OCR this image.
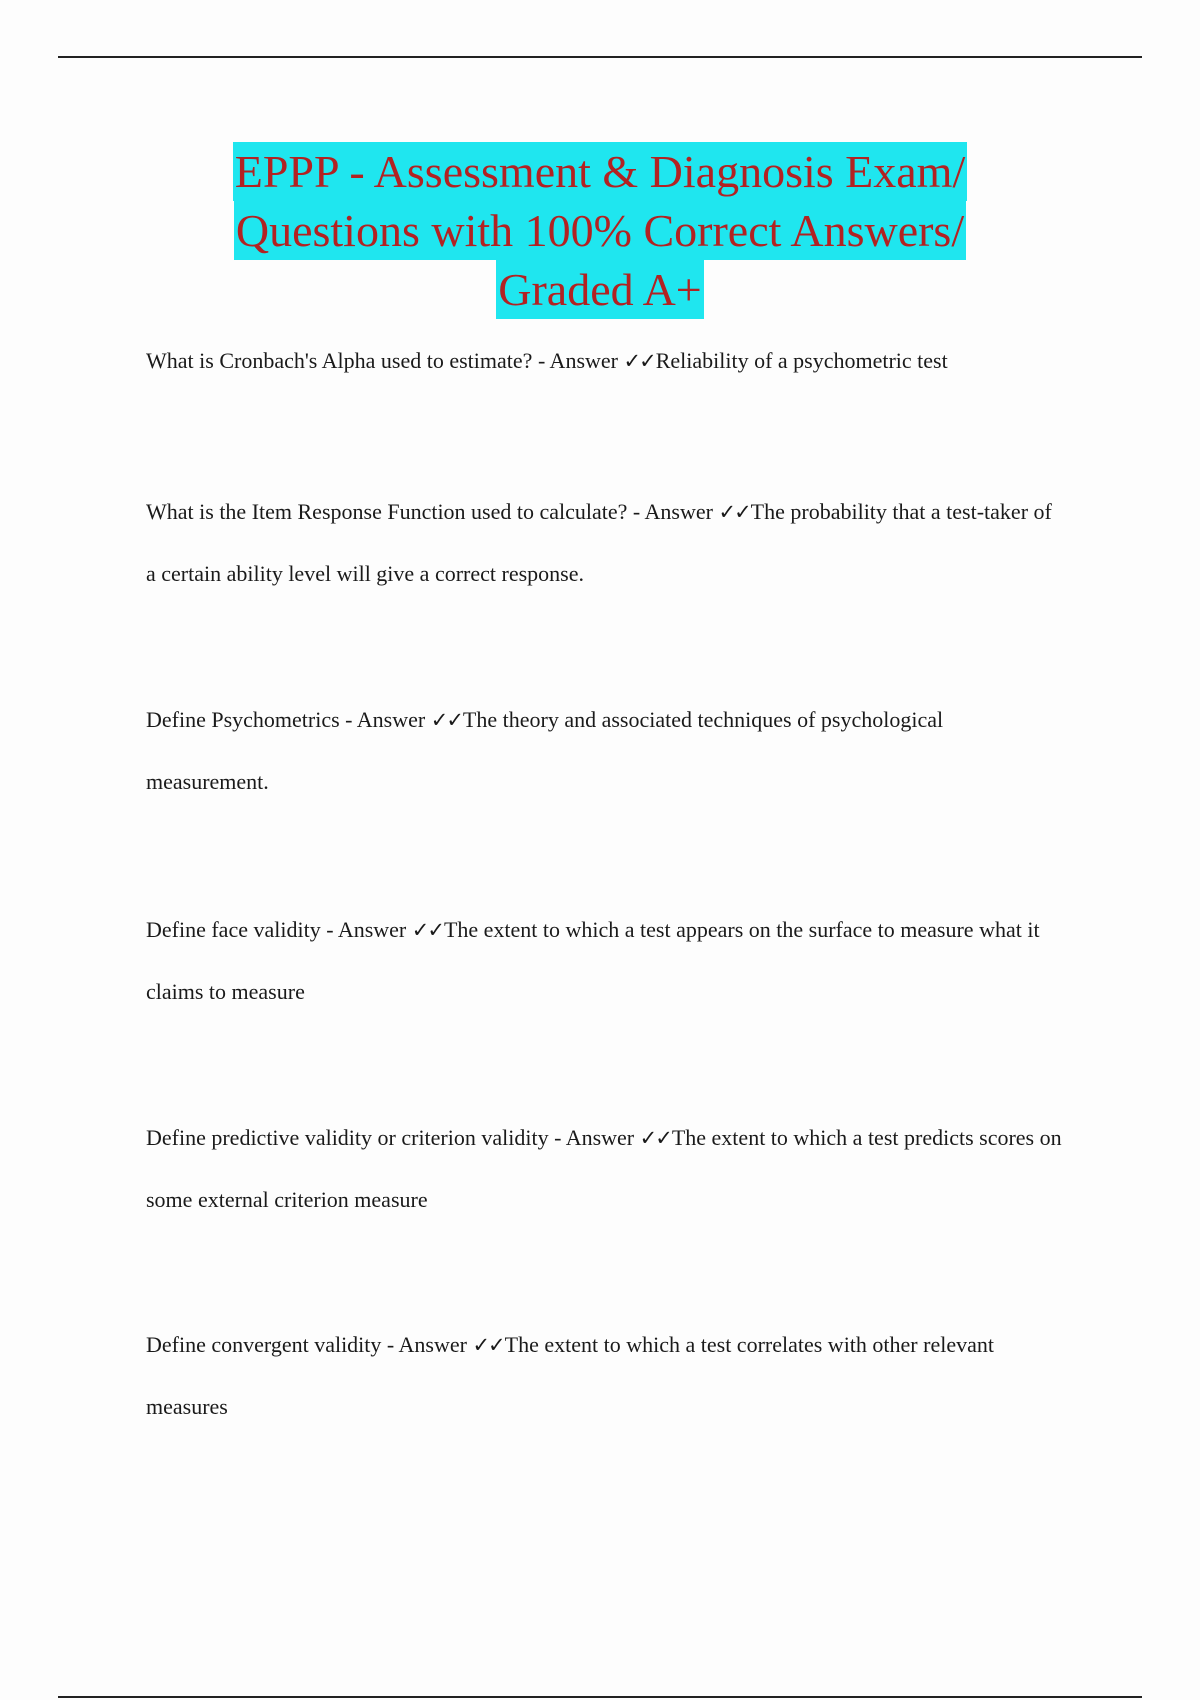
EPPP - Assessment & Diagnosis Exam/
Questions with 100% Correct Answers/
Graded A+

What is Cronbach's Alpha used to estimate? - Answer ✓✓Reliability of a psychometric test

What is the Item Response Function used to calculate? - Answer ✓✓The probability that a test-taker of a certain ability level will give a correct response.

Define Psychometrics - Answer ✓✓The theory and associated techniques of psychological measurement.

Define face validity - Answer ✓✓The extent to which a test appears on the surface to measure what it claims to measure

Define predictive validity or criterion validity - Answer ✓✓The extent to which a test predicts scores on some external criterion measure

Define convergent validity - Answer ✓✓The extent to which a test correlates with other relevant measures
